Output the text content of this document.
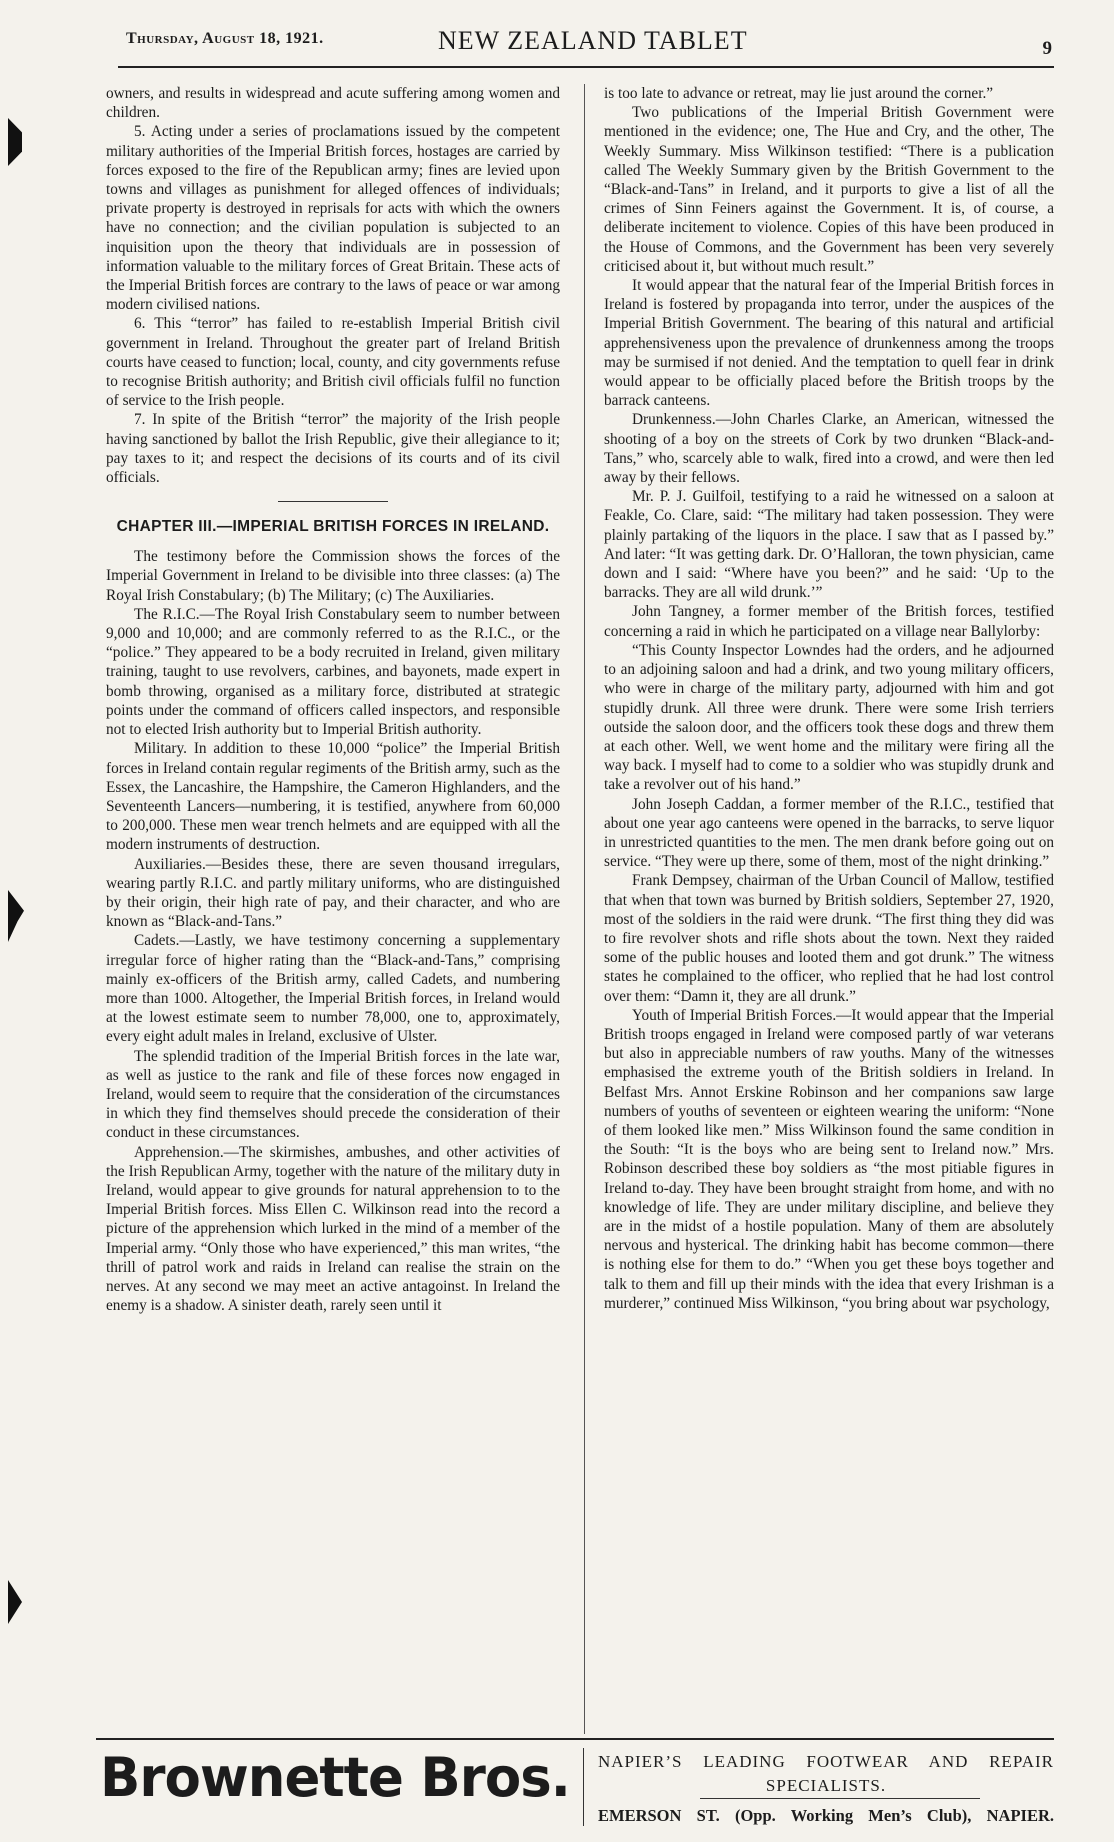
Thursday, August 18, 1921.	NEW ZEALAND TABLET	9

owners, and results in widespread and acute suffering among women and children.

5. Acting under a series of proclamations issued by the competent military authorities of the Imperial British forces, hostages are carried by forces exposed to the fire of the Republican army; fines are levied upon towns and villages as punishment for alleged offences of individuals; private property is destroyed in reprisals for acts with which the owners have no connection; and the civilian population is subjected to an inquisition upon the theory that individuals are in possession of information valuable to the military forces of Great Britain. These acts of the Imperial British forces are contrary to the laws of peace or war among modern civilised nations.

6. This “terror” has failed to re-establish Imperial British civil government in Ireland. Throughout the greater part of Ireland British courts have ceased to function; local, county, and city governments refuse to recognise British authority; and British civil officials fulfil no function of service to the Irish people.

7. In spite of the British “terror” the majority of the Irish people having sanctioned by ballot the Irish Republic, give their allegiance to it; pay taxes to it; and respect the decisions of its courts and of its civil officials.

CHAPTER III.—IMPERIAL BRITISH FORCES IN IRELAND.

The testimony before the Commission shows the forces of the Imperial Government in Ireland to be divisible into three classes: (a) The Royal Irish Constabulary; (b) The Military; (c) The Auxiliaries.

The R.I.C.—The Royal Irish Constabulary seem to number between 9,000 and 10,000; and are commonly referred to as the R.I.C., or the “police.” They appeared to be a body recruited in Ireland, given military training, taught to use revolvers, carbines, and bayonets, made expert in bomb throwing, organised as a military force, distributed at strategic points under the command of officers called inspectors, and responsible not to elected Irish authority but to Imperial British authority.

Military. In addition to these 10,000 “police” the Imperial British forces in Ireland contain regular regiments of the British army, such as the Essex, the Lancashire, the Hampshire, the Cameron Highlanders, and the Seventeenth Lancers—numbering, it is testified, anywhere from 60,000 to 200,000. These men wear trench helmets and are equipped with all the modern instruments of destruction.

Auxiliaries.—Besides these, there are seven thousand irregulars, wearing partly R.I.C. and partly military uniforms, who are distinguished by their origin, their high rate of pay, and their character, and who are known as “Black-and-Tans.”

Cadets.—Lastly, we have testimony concerning a supplementary irregular force of higher rating than the “Black-and-Tans,” comprising mainly ex-officers of the British army, called Cadets, and numbering more than 1000. Altogether, the Imperial British forces, in Ireland would at the lowest estimate seem to number 78,000, one to, approximately, every eight adult males in Ireland, exclusive of Ulster.

The splendid tradition of the Imperial British forces in the late war, as well as justice to the rank and file of these forces now engaged in Ireland, would seem to require that the consideration of the circumstances in which they find themselves should precede the consideration of their conduct in these circumstances.

Apprehension.—The skirmishes, ambushes, and other activities of the Irish Republican Army, together with the nature of the military duty in Ireland, would appear to give grounds for natural apprehension to to the Imperial British forces. Miss Ellen C. Wilkinson read into the record a picture of the apprehension which lurked in the mind of a member of the Imperial army. “Only those who have experienced,” this man writes, “the thrill of patrol work and raids in Ireland can realise the strain on the nerves. At any second we may meet an active antagoinst. In Ireland the enemy is a shadow. A sinister death, rarely seen until it

is too late to advance or retreat, may lie just around the corner.”

Two publications of the Imperial British Government were mentioned in the evidence; one, The Hue and Cry, and the other, The Weekly Summary. Miss Wilkinson testified: “There is a publication called The Weekly Summary given by the British Government to the “Black-and-Tans” in Ireland, and it purports to give a list of all the crimes of Sinn Feiners against the Government. It is, of course, a deliberate incitement to violence. Copies of this have been produced in the House of Commons, and the Government has been very severely criticised about it, but without much result.”

It would appear that the natural fear of the Imperial British forces in Ireland is fostered by propaganda into terror, under the auspices of the Imperial British Government. The bearing of this natural and artificial apprehensiveness upon the prevalence of drunkenness among the troops may be surmised if not denied. And the temptation to quell fear in drink would appear to be officially placed before the British troops by the barrack canteens.

Drunkenness.—John Charles Clarke, an American, witnessed the shooting of a boy on the streets of Cork by two drunken “Black-and-Tans,” who, scarcely able to walk, fired into a crowd, and were then led away by their fellows.

Mr. P. J. Guilfoil, testifying to a raid he witnessed on a saloon at Feakle, Co. Clare, said: “The military had taken possession. They were plainly partaking of the liquors in the place. I saw that as I passed by.” And later: “It was getting dark. Dr. O’Halloran, the town physician, came down and I said: “Where have you been?” and he said: ‘Up to the barracks. They are all wild drunk.’”

John Tangney, a former member of the British forces, testified concerning a raid in which he participated on a village near Ballylorby:

“This County Inspector Lowndes had the orders, and he adjourned to an adjoining saloon and had a drink, and two young military officers, who were in charge of the military party, adjourned with him and got stupidly drunk. All three were drunk. There were some Irish terriers outside the saloon door, and the officers took these dogs and threw them at each other. Well, we went home and the military were firing all the way back. I myself had to come to a soldier who was stupidly drunk and take a revolver out of his hand.”

John Joseph Caddan, a former member of the R.I.C., testified that about one year ago canteens were opened in the barracks, to serve liquor in unrestricted quantities to the men. The men drank before going out on service. “They were up there, some of them, most of the night drinking.”

Frank Dempsey, chairman of the Urban Council of Mallow, testified that when that town was burned by British soldiers, September 27, 1920, most of the soldiers in the raid were drunk. “The first thing they did was to fire revolver shots and rifle shots about the town. Next they raided some of the public houses and looted them and got drunk.” The witness states he complained to the officer, who replied that he had lost control over them: “Damn it, they are all drunk.”

Youth of Imperial British Forces.—It would appear that the Imperial British troops engaged in Ireland were composed partly of war veterans but also in appreciable numbers of raw youths. Many of the witnesses emphasised the extreme youth of the British soldiers in Ireland. In Belfast Mrs. Annot Erskine Robinson and her companions saw large numbers of youths of seventeen or eighteen wearing the uniform: “None of them looked like men.” Miss Wilkinson found the same condition in the South: “It is the boys who are being sent to Ireland now.” Mrs. Robinson described these boy soldiers as “the most pitiable figures in Ireland to-day. They have been brought straight from home, and with no knowledge of life. They are under military discipline, and believe they are in the midst of a hostile population. Many of them are absolutely nervous and hysterical. The drinking habit has become common—there is nothing else for them to do.” “When you get these boys together and talk to them and fill up their minds with the idea that every Irishman is a murderer,” continued Miss Wilkinson, “you bring about war psychology,

Brownette Bros. NAPIER’S LEADING FOOTWEAR AND REPAIR
SPECIALISTS.
EMERSON ST. (Opp. Working Men’s Club), NAPIER.
